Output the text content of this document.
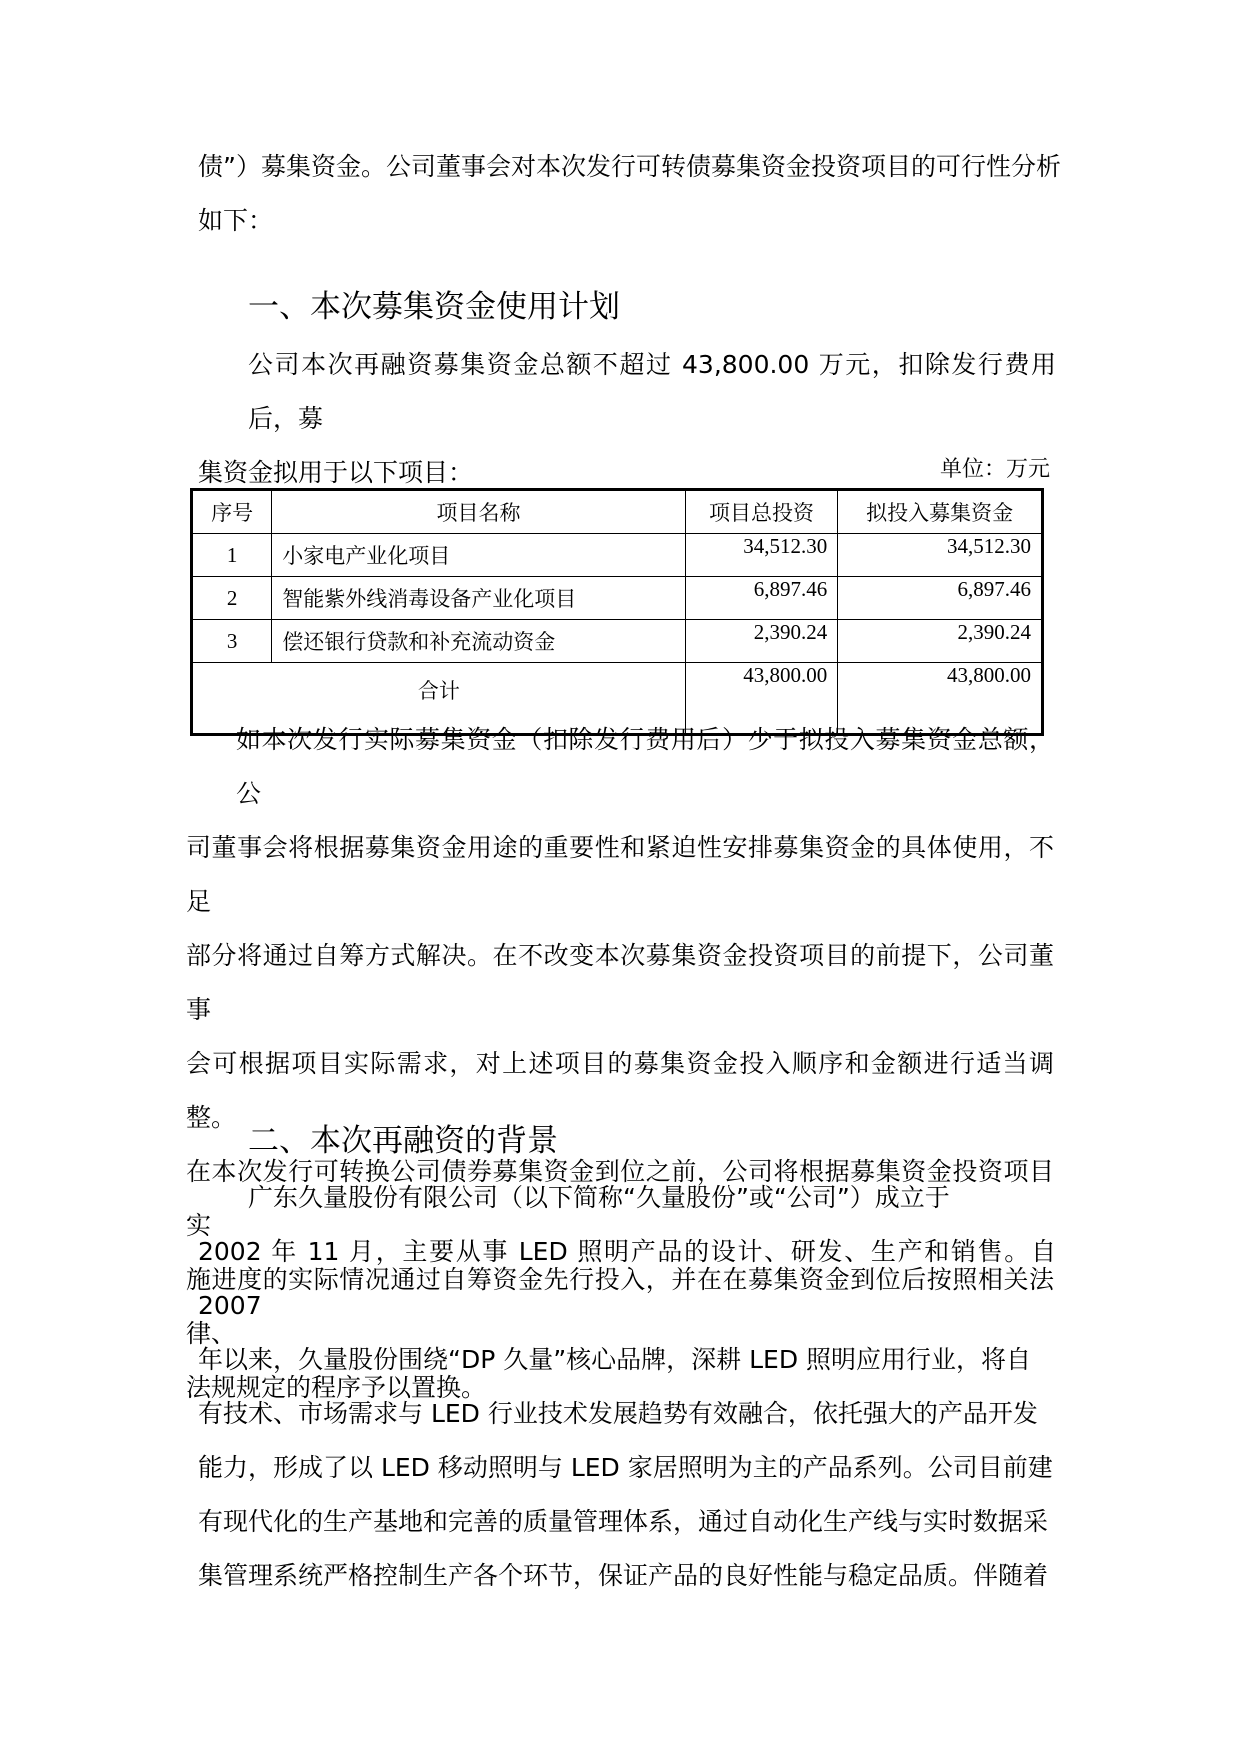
债”）募集资金。公司董事会对本次发行可转债募集资金投资项目的可行性分析

如下：

一、本次募集资金使用计划

公司本次再融资募集资金总额不超过 43,800.00 万元，扣除发行费用后，募

集资金拟用于以下项目：	单位：万元
序号	项目名称	项目总投资	拟投入募集资金
1	小家电产业化项目	34,512.30	34,512.30
2	智能紫外线消毒设备产业化项目	6,897.46	6,897.46
3	偿还银行贷款和补充流动资金	2,390.24	2,390.24
合计		43,800.00	43,800.00

如本次发行实际募集资金（扣除发行费用后）少于拟投入募集资金总额，公

司董事会将根据募集资金用途的重要性和紧迫性安排募集资金的具体使用，不足

部分将通过自筹方式解决。在不改变本次募集资金投资项目的前提下，公司董事

会可根据项目实际需求，对上述项目的募集资金投入顺序和金额进行适当调整。

在本次发行可转换公司债券募集资金到位之前，公司将根据募集资金投资项目实

施进度的实际情况通过自筹资金先行投入，并在在募集资金到位后按照相关法律、

法规规定的程序予以置换。

二、本次再融资的背景

广东久量股份有限公司（以下简称“久量股份”或“公司”）成立于

2002 年 11 月，主要从事 LED 照明产品的设计、研发、生产和销售。自 2007

年以来，久量股份围绕“DP 久量”核心品牌，深耕 LED 照明应用行业，将自

有技术、市场需求与 LED 行业技术发展趋势有效融合，依托强大的产品开发

能力，形成了以 LED 移动照明与 LED 家居照明为主的产品系列。公司目前建

有现代化的生产基地和完善的质量管理体系，通过自动化生产线与实时数据采

集管理系统严格控制生产各个环节，保证产品的良好性能与稳定品质。伴随着
